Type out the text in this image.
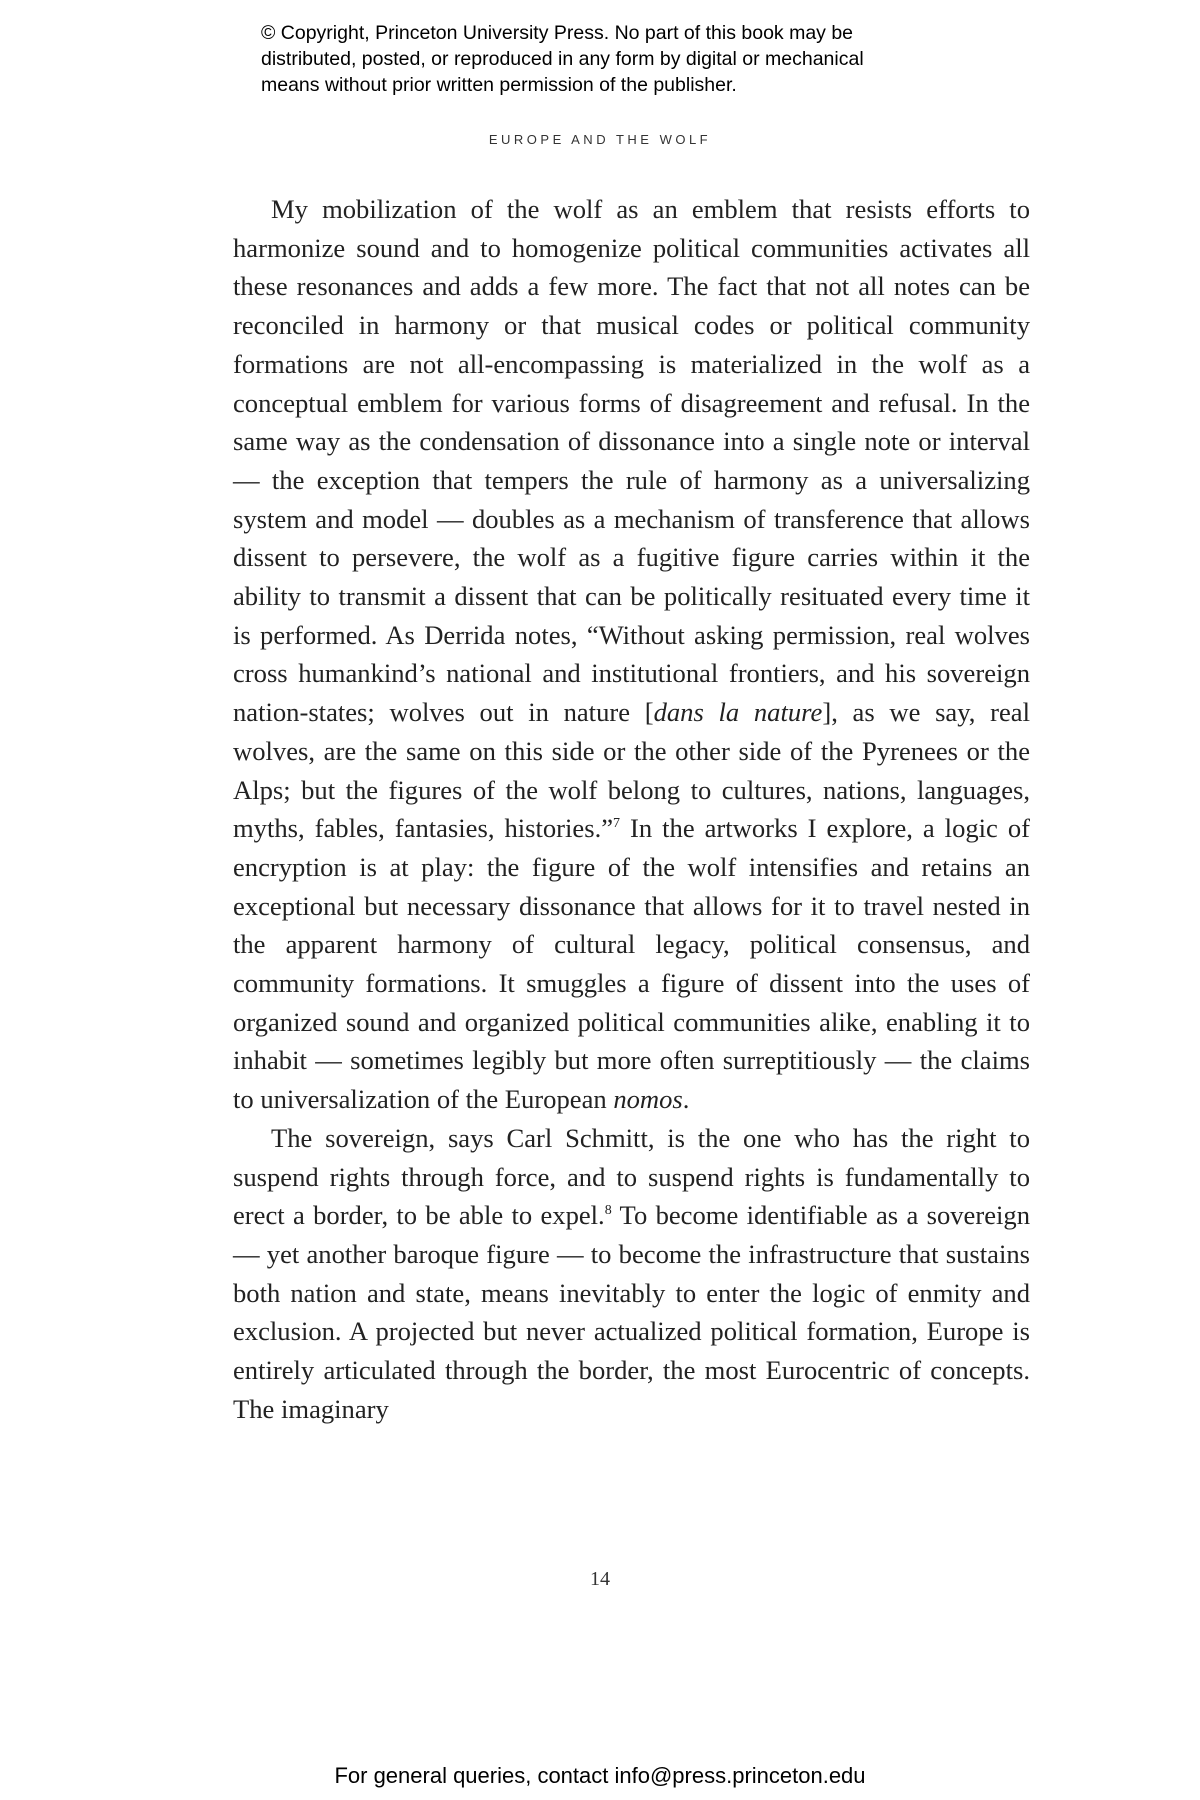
© Copyright, Princeton University Press. No part of this book may be
distributed, posted, or reproduced in any form by digital or mechanical
means without prior written permission of the publisher.
EUROPE AND THE WOLF

My mobilization of the wolf as an emblem that resists efforts to harmonize sound and to homogenize political communities activates all these resonances and adds a few more. The fact that not all notes can be reconciled in harmony or that musical codes or political community formations are not all-encompassing is materialized in the wolf as a conceptual emblem for various forms of disagreement and refusal. In the same way as the condensation of dissonance into a single note or interval — the exception that tempers the rule of harmony as a universalizing system and model — doubles as a mechanism of transference that allows dissent to persevere, the wolf as a fugitive figure carries within it the ability to transmit a dissent that can be politically resituated every time it is performed. As Derrida notes, “Without asking permission, real wolves cross humankind’s national and institutional frontiers, and his sovereign nation-states; wolves out in nature [dans la nature], as we say, real wolves, are the same on this side or the other side of the Pyrenees or the Alps; but the figures of the wolf belong to cultures, nations, languages, myths, fables, fantasies, histories.”$^7$ In the artworks I explore, a logic of encryption is at play: the figure of the wolf intensifies and retains an exceptional but necessary dissonance that allows for it to travel nested in the apparent harmony of cultural legacy, political consensus, and community formations. It smuggles a figure of dissent into the uses of organized sound and organized political communities alike, enabling it to inhabit — sometimes legibly but more often surreptitiously — the claims to universalization of the European nomos.

The sovereign, says Carl Schmitt, is the one who has the right to suspend rights through force, and to suspend rights is fundamentally to erect a border, to be able to expel.$^8$ To become identifiable as a sovereign — yet another baroque figure — to become the infrastructure that sustains both nation and state, means inevitably to enter the logic of enmity and exclusion. A projected but never actualized political formation, Europe is entirely articulated through the border, the most Eurocentric of concepts. The imaginary

14
For general queries, contact info@press.princeton.edu
